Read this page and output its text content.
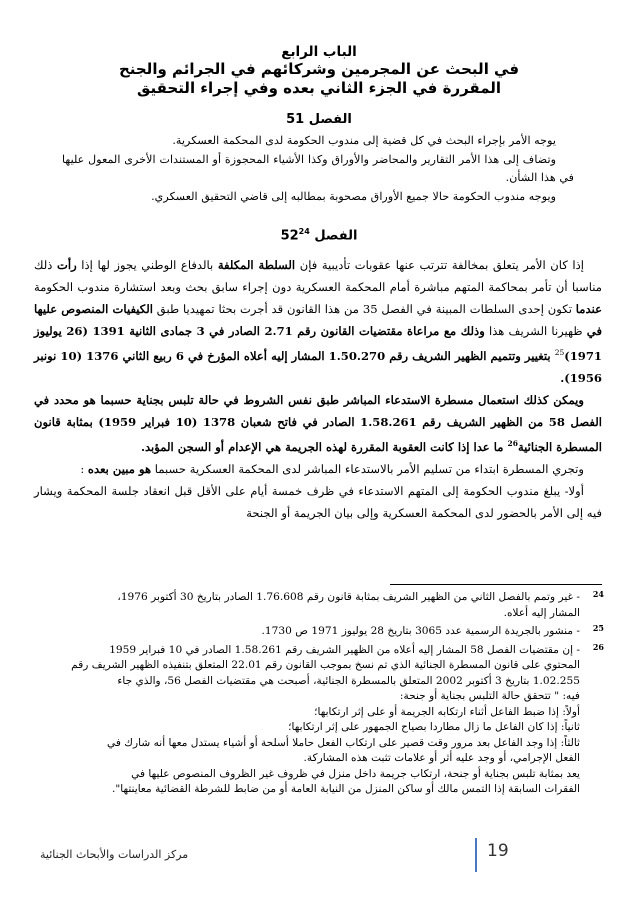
الباب الرابع

في البحث عن المجرمين وشركائهم في الجرائم والجنح

المقررة في الجزء الثاني بعده وفي إجراء التحقيق

الفصل 51

يوجه الأمر بإجراء البحث في كل قضية إلى مندوب الحكومة لدى المحكمة العسكرية.

وتضاف إلى هذا الأمر التقارير والمحاضر والأوراق وكذا الأشياء المحجوزة أو المستندات الأخرى المعول عليها في هذا الشأن.

ويوجه مندوب الحكومة حالا جميع الأوراق مصحوبة بمطالبه إلى قاضي التحقيق العسكري.

الفصل $52^{24}$

إذا كان الأمر يتعلق بمخالفة تترتب عنها عقوبات تأديبية فإن السلطة المكلفة بالدفاع الوطني يجوز لها إذا رأت ذلك مناسبا أن تأمر بمحاكمة المتهم مباشرة أمام المحكمة العسكرية دون إجراء سابق بحث وبعد استشارة مندوب الحكومة عندما تكون إحدى السلطات المبينة في الفصل 35 من هذا القانون قد أجرت بحثا تمهيديا طبق الكيفيات المنصوص عليها في ظهيرنا الشريف هذا وذلك مع مراعاة مقتضيات القانون رقم 2.71 الصادر في 3 جمادى الثانية 1391 (26 يوليوز 1971)$^{25}$ بتغيير وتتميم الظهير الشريف رقم 1.50.270 المشار إليه أعلاه المؤرخ في 6 ربيع الثاني 1376 (10 نونبر 1956).

ويمكن كذلك استعمال مسطرة الاستدعاء المباشر طبق نفس الشروط في حالة تلبس بجناية حسبما هو محدد في الفصل 58 من الظهير الشريف رقم 1.58.261 الصادر في فاتح شعبان 1378 (10 فبراير 1959) بمثابة قانون المسطرة الجنائية$^{26}$ ما عدا إذا كانت العقوبة المقررة لهذه الجريمة هي الإعدام أو السجن المؤبد.

وتجري المسطرة ابتداء من تسليم الأمر بالاستدعاء المباشر لدى المحكمة العسكرية حسبما هو مبين بعده :

أولا- يبلغ مندوب الحكومة إلى المتهم الاستدعاء في ظرف خمسة أيام على الأقل قبل انعقاد جلسة المحكمة ويشار فيه إلى الأمر بالحضور لدى المحكمة العسكرية وإلى بيان الجريمة أو الجنحة

24
- غير وتمم بالفصل الثاني من الظهير الشريف بمثابة قانون رقم 1.76.608 الصادر بتاريخ 30 أكتوبر 1976،
المشار إليه أعلاه.
25
- منشور بالجريدة الرسمية عدد 3065 بتاريخ 28 يوليوز 1971 ص 1730.
26
- إن مقتضيات الفصل 58 المشار إليه أعلاه من الظهير الشريف رقم 1.58.261 الصادر في 10 فبراير 1959
المحتوي على قانون المسطرة الجنائية الذي تم نسخ بموجب القانون رقم 22.01 المتعلق بتنفيذه الظهير الشريف رقم
1.02.255 بتاريخ 3 أكتوبر 2002 المتعلق بالمسطرة الجنائية، أصبحت هي مقتضيات الفصل 56، والذي جاء
فيه: " تتحقق حالة التلبس بجناية أو جنحة:
أولاً: إذا ضبط الفاعل أثناء ارتكابه الجريمة أو على إثر ارتكابها؛
ثانياً: إذا كان الفاعل ما زال مطاردا بصياح الجمهور على إثر ارتكابها؛
ثالثاً: إذا وجد الفاعل بعد مرور وقت قصير على ارتكاب الفعل حاملا أسلحة أو أشياء يستدل معها أنه شارك في
الفعل الإجرامي، أو وجد عليه أثر أو علامات تثبت هذه المشاركة.
يعد بمثابة تلبس بجناية أو جنحة، ارتكاب جريمة داخل منزل في ظروف غير الظروف المنصوص عليها في
الفقرات السابقة إذا التمس مالك أو ساكن المنزل من النيابة العامة أو من ضابط للشرطة القضائية معاينتها".
19
مركز الدراسات والأبحاث الجنائية
